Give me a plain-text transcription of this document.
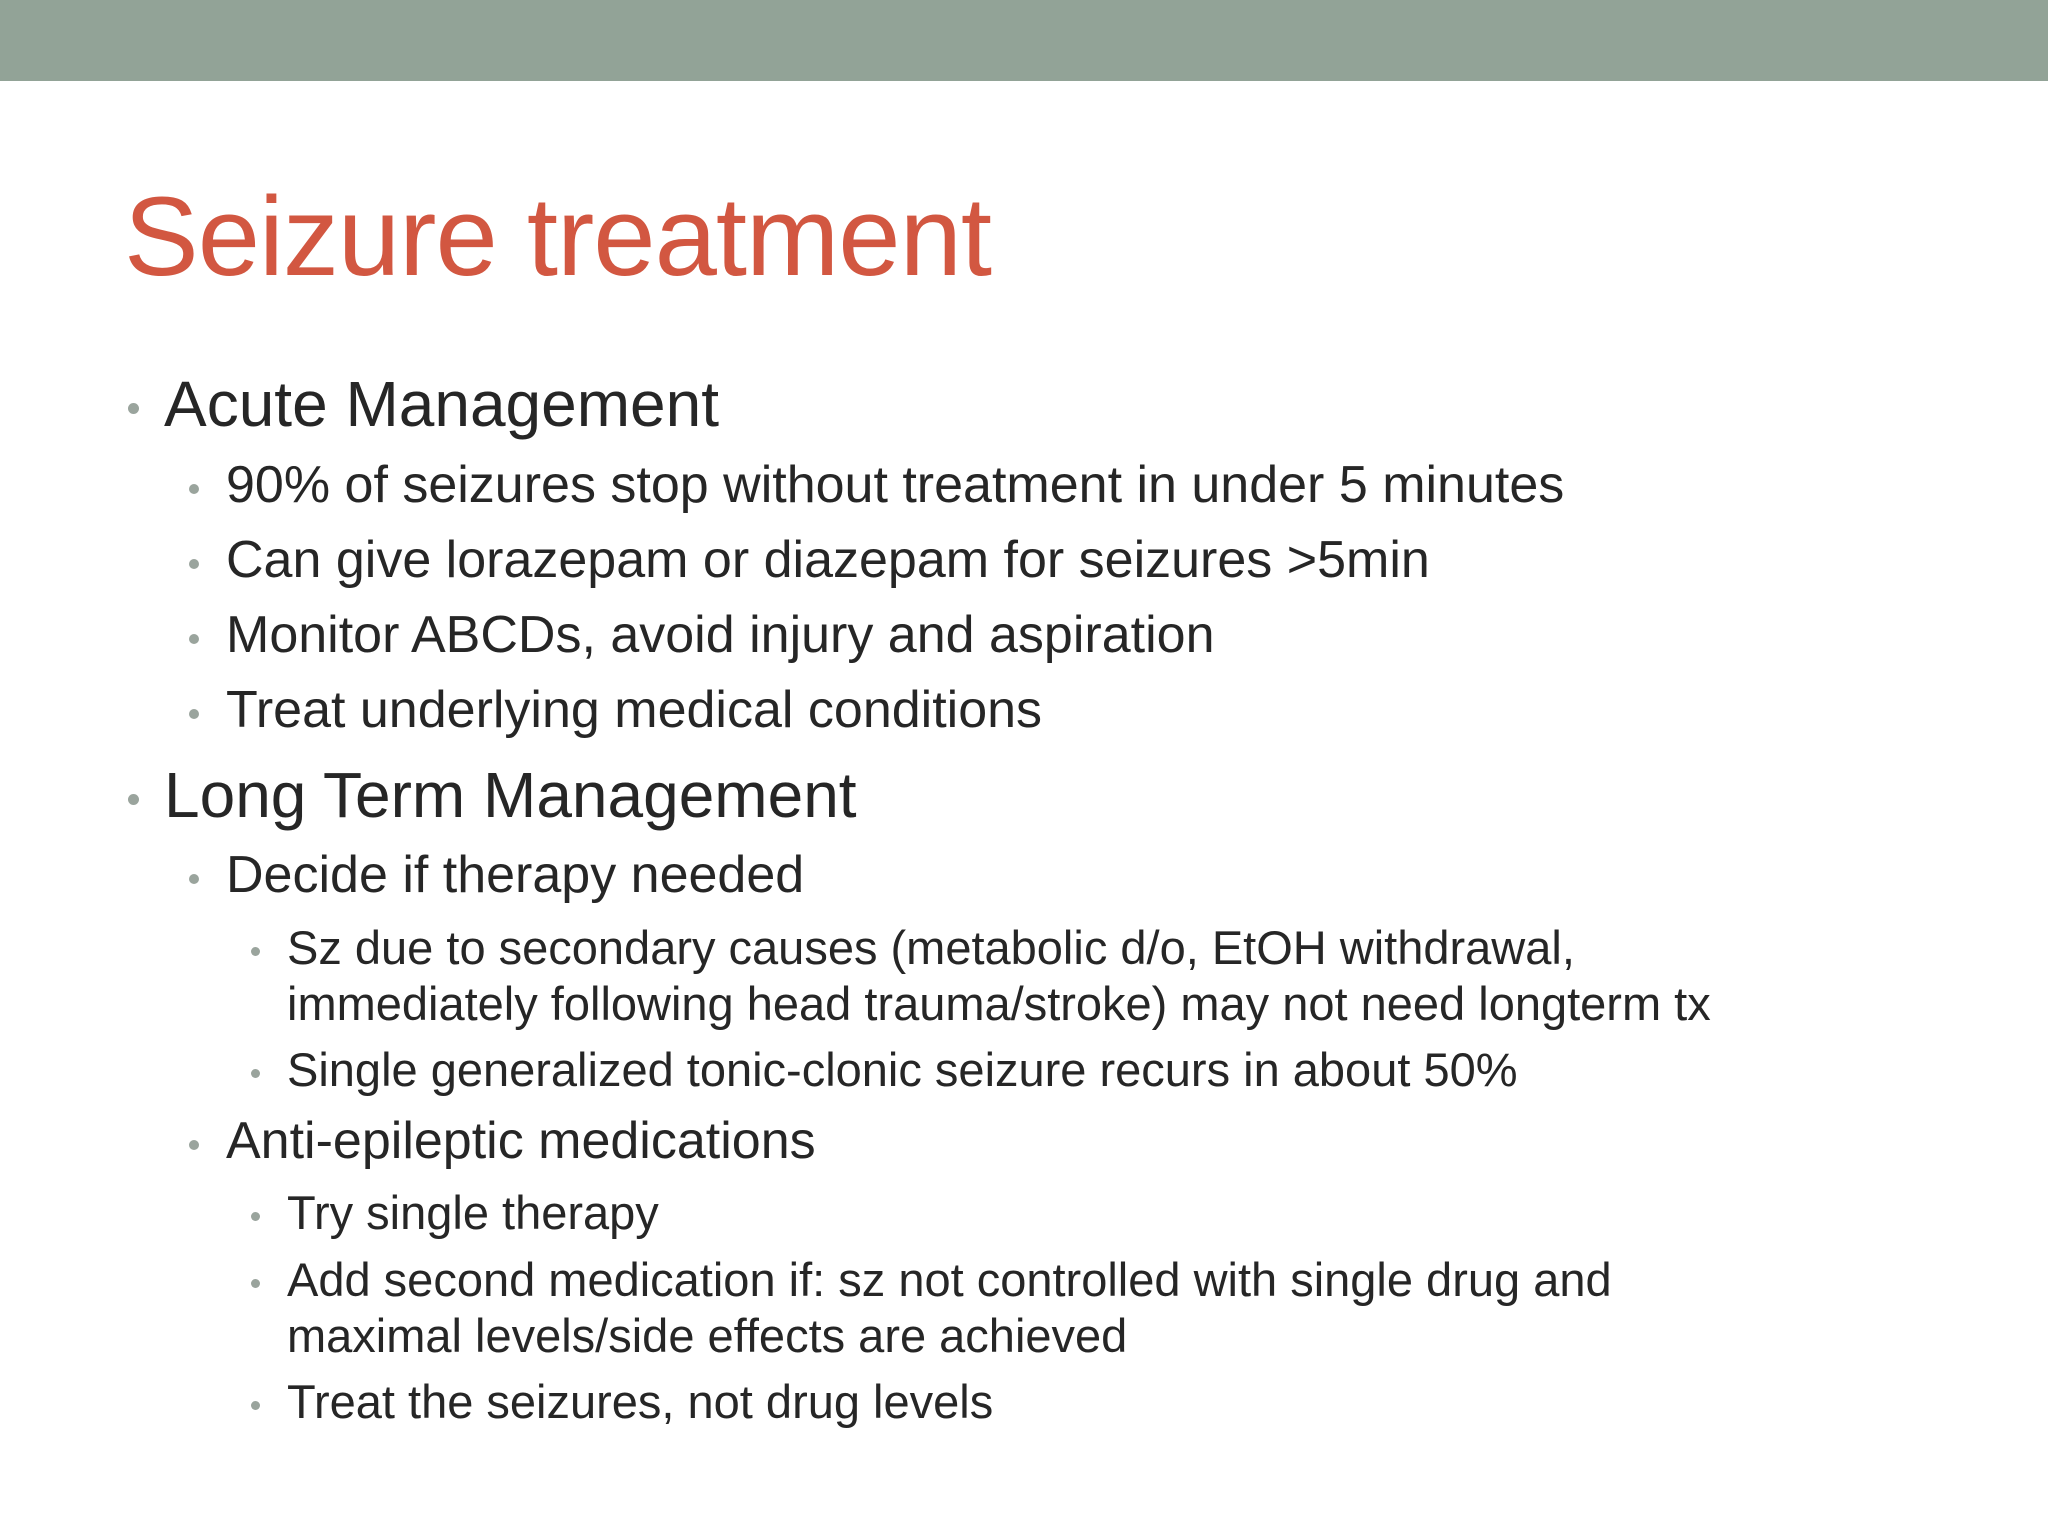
Seizure treatment
Acute Management
90% of seizures stop without treatment in under 5 minutes
Can give lorazepam or diazepam for seizures >5min
Monitor ABCDs, avoid injury and aspiration
Treat underlying medical conditions
Long Term Management
Decide if therapy needed
Sz due to secondary causes (metabolic d/o, EtOH withdrawal,
immediately following head trauma/stroke) may not need longterm tx
Single generalized tonic-clonic seizure recurs in about 50%
Anti-epileptic medications
Try single therapy
Add second medication if: sz not controlled with single drug and
maximal levels/side effects are achieved
Treat the seizures, not drug levels
